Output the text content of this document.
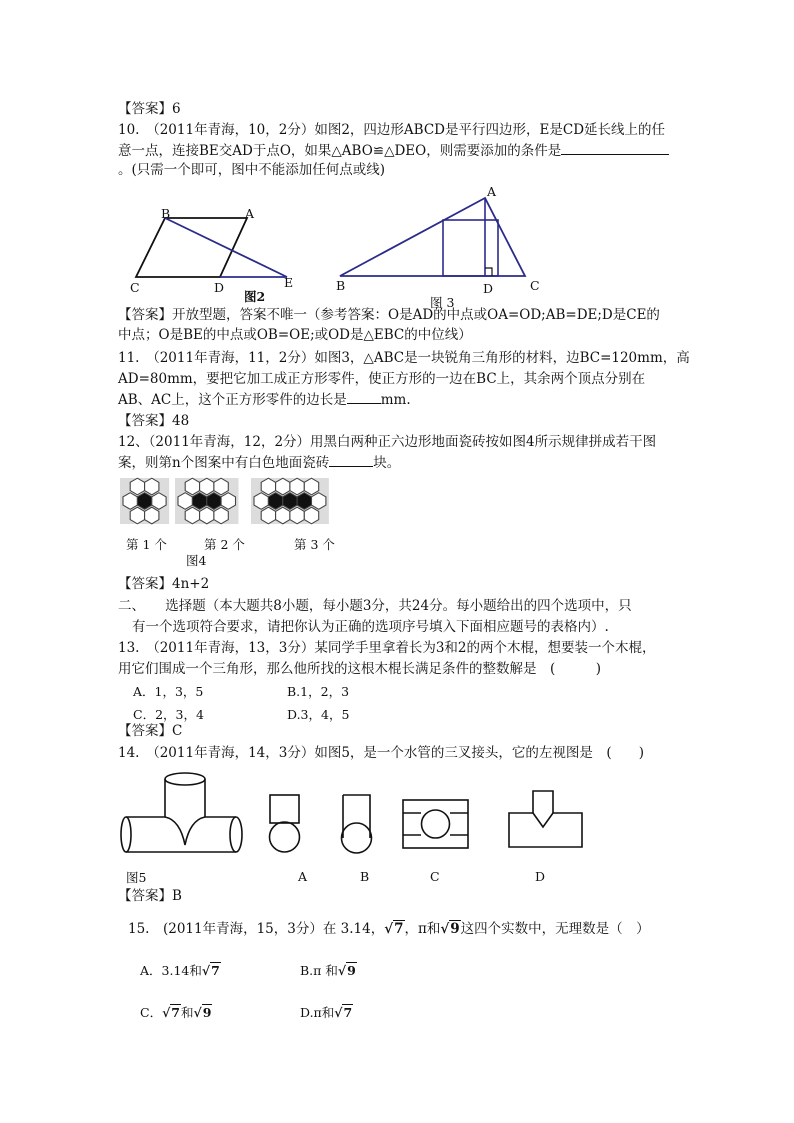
【答案】6
10.　（2011年青海，10，2分）如图2，四边形ABCD是平行四边形，E是CD延长线上的任
意一点，连接BE交AD于点O，如果△ABO≌△DEO，则需要添加的条件是
。(只需一个即可，图中不能添加任何点或线)
B	A
C	D	E
图2
A
B	D	C
图 3
【答案】开放型题，答案不唯一（参考答案：O是AD的中点或OA=OD;AB=DE;D是CE的
中点；O是BE的中点或OB=OE;或OD是△EBC的中位线）
11.　（2011年青海，11，2分）如图3，△ABC是一块锐角三角形的材料，边BC=120mm，高
AD=80mm，要把它加工成正方形零件，使正方形的一边在BC上，其余两个顶点分别在
AB、AC上，这个正方形零件的边长是	mm.
【答案】48
12、（2011年青海，12，2分）用黑白两种正六边形地面瓷砖按如图4所示规律拼成若干图
案，则第n个图案中有白色地面瓷砖	块。
第 1 个	第 2 个	第 3 个
图4
【答案】4n+2
二、　　选择题（本大题共8小题，每小题3分，共24分。每小题给出的四个选项中，只
有一个选项符合要求，请把你认为正确的选项序号填入下面相应题号的表格内）.
13.　（2011年青海，13，3分）某同学手里拿着长为3和2的两个木棍，想要装一个木棍，
用它们围成一个三角形，那么他所找的这根木棍长满足条件的整数解是　(　　　)
A．1，3，5	B.1，2，3
C．2，3，4	D.3，4，5
【答案】C
14.　（2011年青海，14，3分）如图5，是一个水管的三叉接头，它的左视图是　(　　)
图5	A	B	C	D
【答案】B
15.　(2011年青海，15，3分）在 3.14，√7，π和√9这四个实数中，无理数是（　）
A．3.14和√7	B.π 和√9
C．√7和√9	D.π和√7
